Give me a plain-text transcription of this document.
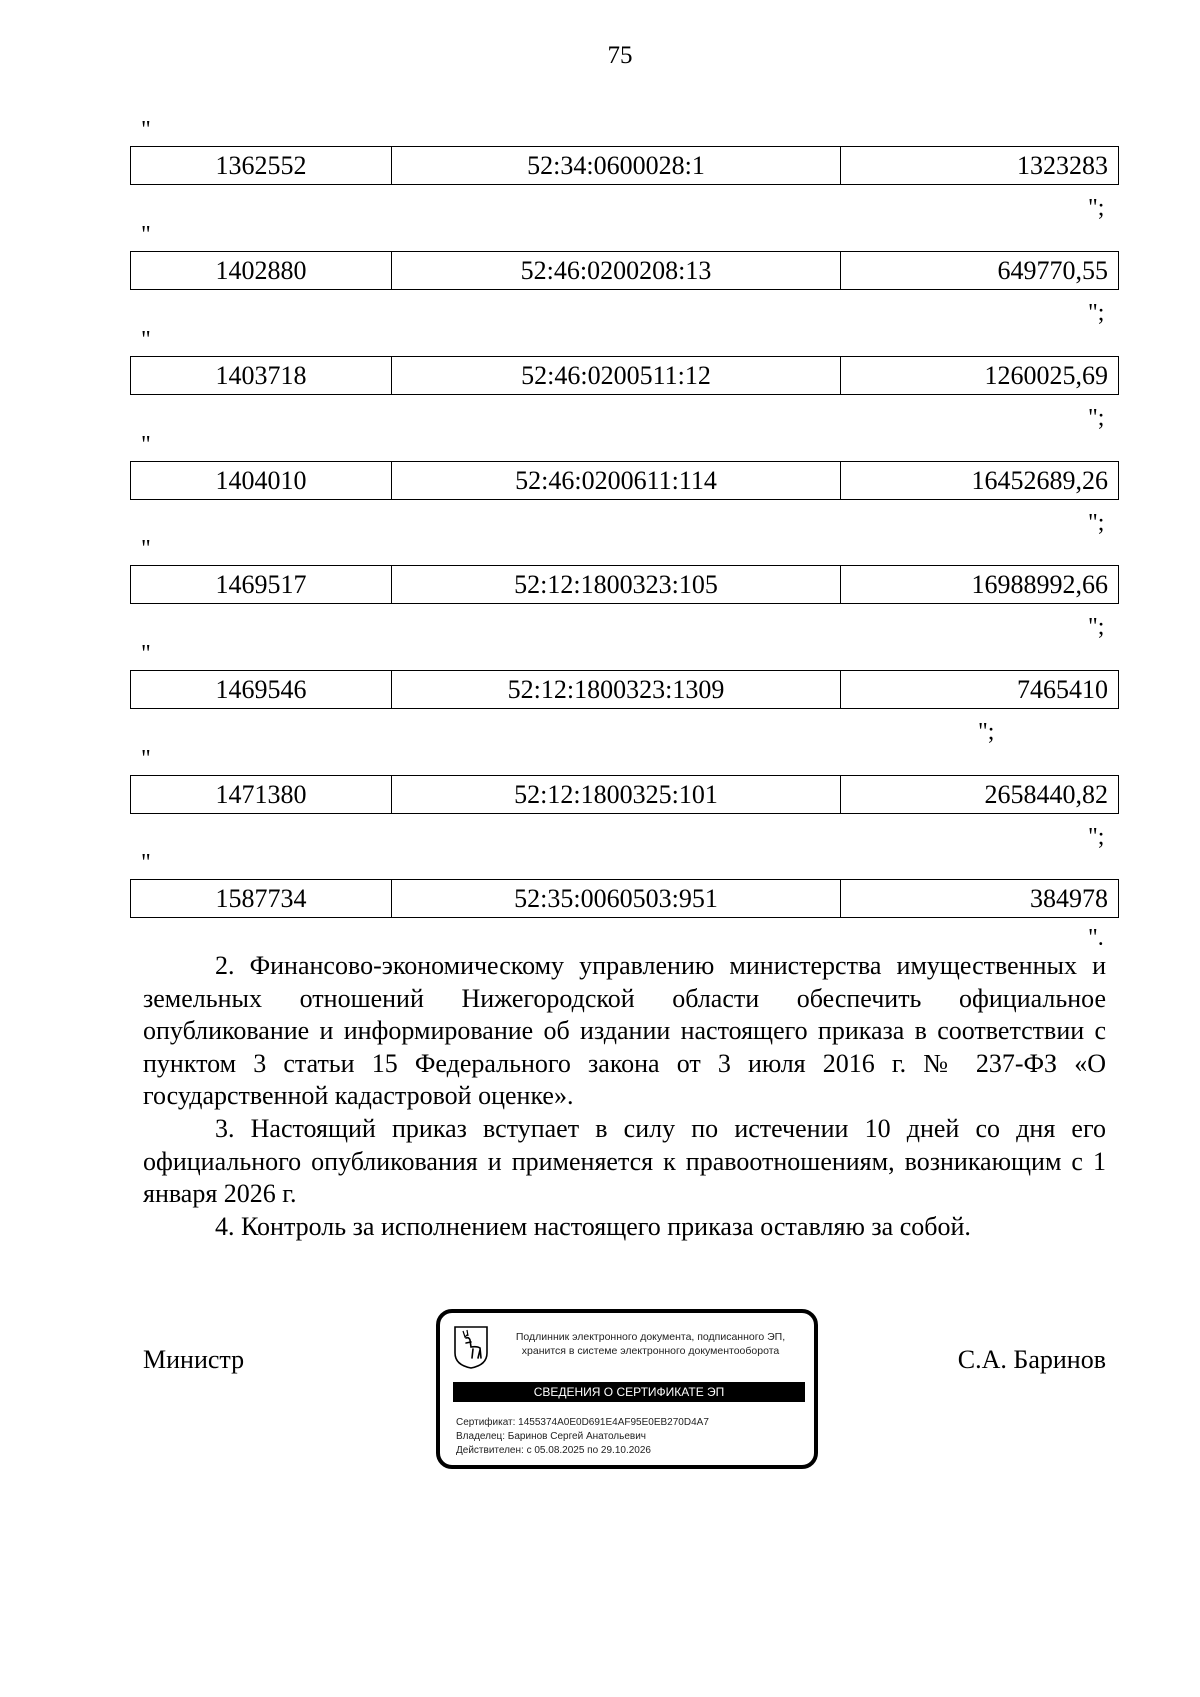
75
"
1362552	52:34:0600028:1	1323283
";
"
1402880	52:46:0200208:13	649770,55
";
"
1403718	52:46:0200511:12	1260025,69
";
"
1404010	52:46:0200611:114	16452689,26
";
"
1469517	52:12:1800323:105	16988992,66
";
"
1469546	52:12:1800323:1309	7465410
";
"
1471380	52:12:1800325:101	2658440,82
";
"
1587734	52:35:0060503:951	384978
".
2. Финансово-экономическому управлению министерства имущественных и земельных отношений Нижегородской области обеспечить официальное опубликование и информирование об издании настоящего приказа в соответствии с пунктом 3 статьи 15 Федерального закона от 3 июля 2016 г. № 237-ФЗ «О государственной кадастровой оценке».
3. Настоящий приказ вступает в силу по истечении 10 дней со дня его официального опубликования и применяется к правоотношениям, возникающим с 1 января 2026 г.
4. Контроль за исполнением настоящего приказа оставляю за собой.
Министр	С.А. Баринов
Подлинник электронного документа, подписанного ЭП,
хранится в системе электронного документооборота
СВЕДЕНИЯ О СЕРТИФИКАТЕ ЭП
Сертификат: 1455374A0E0D691E4AF95E0EB270D4A7
Владелец: Баринов Сергей Анатольевич
Действителен: с 05.08.2025 по 29.10.2026
